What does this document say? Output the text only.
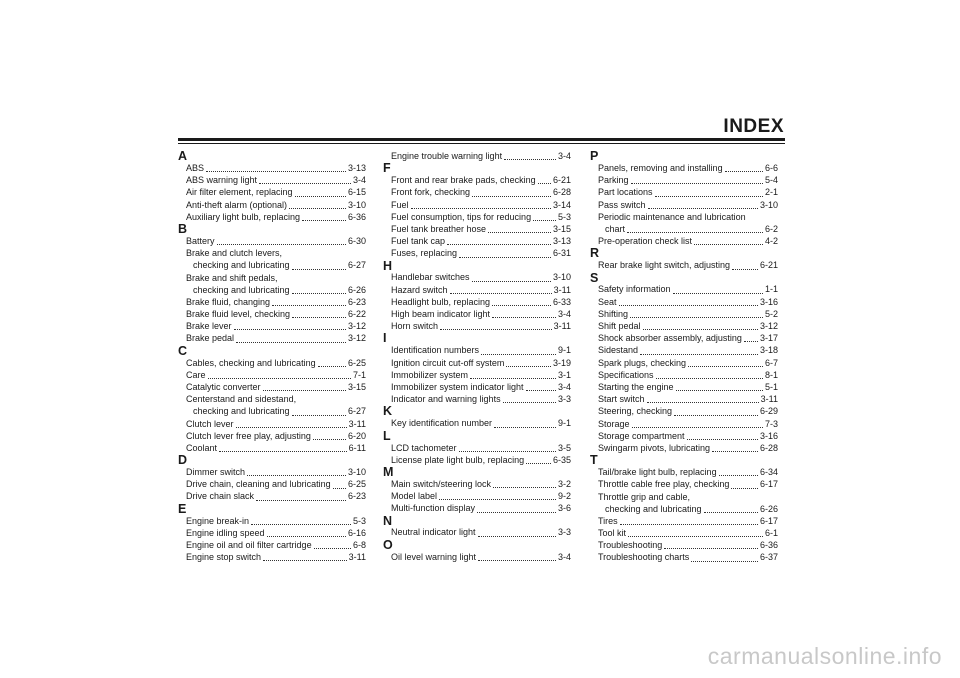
INDEX
A
ABS	3-13
ABS warning light	3-4
Air filter element, replacing	6-15
Anti-theft alarm (optional)	3-10
Auxiliary light bulb, replacing	6-36
B
Battery	6-30
Brake and clutch levers,
checking and lubricating	6-27
Brake and shift pedals,
checking and lubricating	6-26
Brake fluid, changing	6-23
Brake fluid level, checking	6-22
Brake lever	3-12
Brake pedal	3-12
C
Cables, checking and lubricating	6-25
Care	7-1
Catalytic converter	3-15
Centerstand and sidestand,
checking and lubricating	6-27
Clutch lever	3-11
Clutch lever free play, adjusting	6-20
Coolant	6-11
D
Dimmer switch	3-10
Drive chain, cleaning and lubricating 6-25
Drive chain slack	6-23
E
Engine break-in	5-3
Engine idling speed	6-16
Engine oil and oil filter cartridge	6-8
Engine stop switch	3-11
Engine trouble warning light	3-4
F
Front and rear brake pads, checking 6-21
Front fork, checking	6-28
Fuel	3-14
Fuel consumption, tips for reducing	5-3
Fuel tank breather hose	3-15
Fuel tank cap	3-13
Fuses, replacing	6-31
H
Handlebar switches	3-10
Hazard switch	3-11
Headlight bulb, replacing	6-33
High beam indicator light	3-4
Horn switch	3-11
I
Identification numbers	9-1
Ignition circuit cut-off system	3-19
Immobilizer system	3-1
Immobilizer system indicator light	3-4
Indicator and warning lights	3-3
K
Key identification number	9-1
L
LCD tachometer	3-5
License plate light bulb, replacing	6-35
M
Main switch/steering lock	3-2
Model label	9-2
Multi-function display	3-6
N
Neutral indicator light	3-3
O
Oil level warning light	3-4
P
Panels, removing and installing	6-6
Parking	5-4
Part locations	2-1
Pass switch	3-10
Periodic maintenance and lubrication
chart	6-2
Pre-operation check list	4-2
R
Rear brake light switch, adjusting	6-21
S
Safety information	1-1
Seat	3-16
Shifting	5-2
Shift pedal	3-12
Shock absorber assembly, adjusting 3-17
Sidestand	3-18
Spark plugs, checking	6-7
Specifications	8-1
Starting the engine	5-1
Start switch	3-11
Steering, checking	6-29
Storage	7-3
Storage compartment	3-16
Swingarm pivots, lubricating	6-28
T
Tail/brake light bulb, replacing	6-34
Throttle cable free play, checking	6-17
Throttle grip and cable,
checking and lubricating	6-26
Tires	6-17
Tool kit	6-1
Troubleshooting	6-36
Troubleshooting charts	6-37
carmanualsonline.info
